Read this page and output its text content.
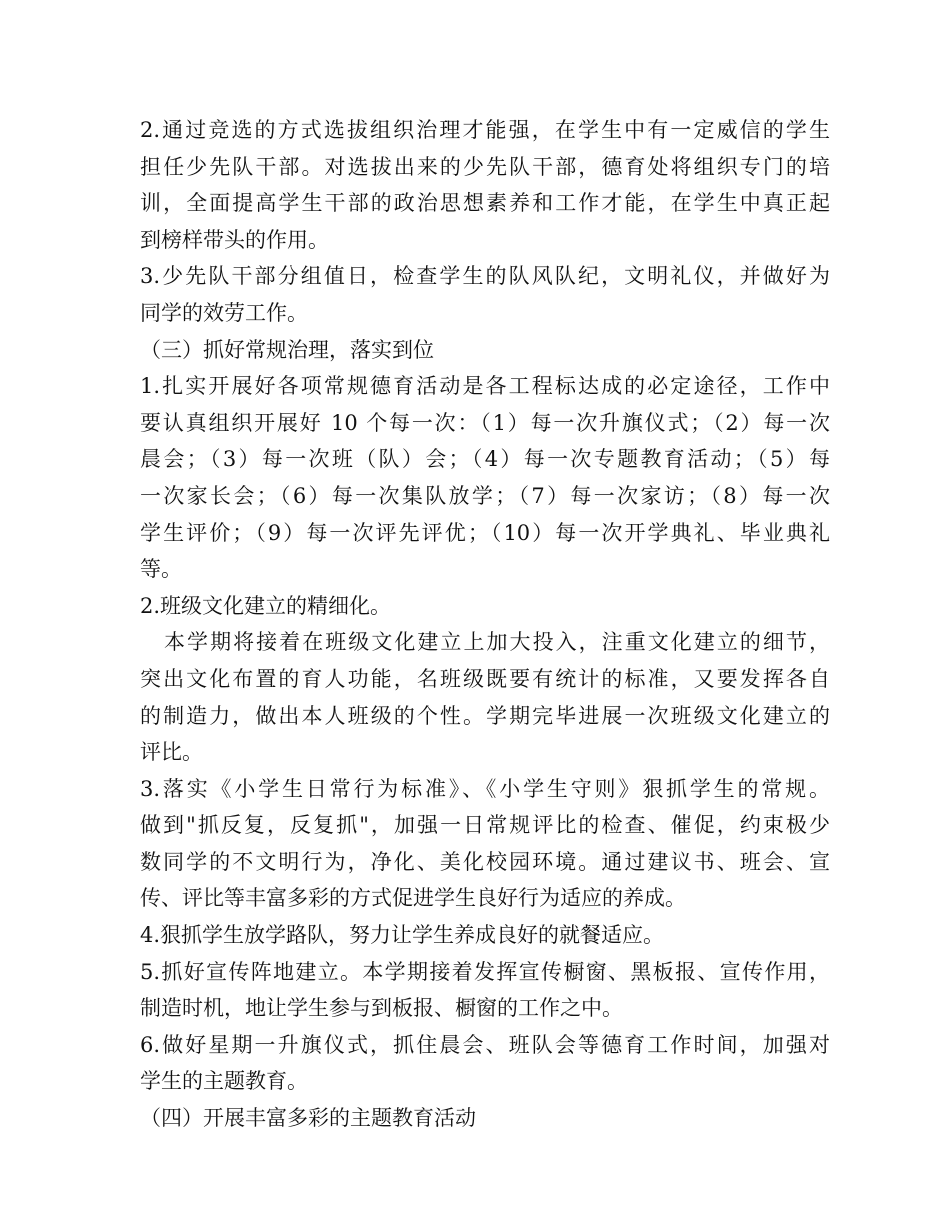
2.通过竞选的方式选拔组织治理才能强，在学生中有一定威信的学生
担任少先队干部。对选拔出来的少先队干部，德育处将组织专门的培
训，全面提高学生干部的政治思想素养和工作才能，在学生中真正起
到榜样带头的作用。
3.少先队干部分组值日，检查学生的队风队纪，文明礼仪，并做好为
同学的效劳工作。
（三）抓好常规治理，落实到位
1.扎实开展好各项常规德育活动是各工程标达成的必定途径，工作中
要认真组织开展好 10 个每一次：（1）每一次升旗仪式；（2）每一次
晨会；（3）每一次班（队）会；（4）每一次专题教育活动；（5）每
一次家长会；（6）每一次集队放学；（7）每一次家访；（8）每一次
学生评价；（9）每一次评先评优；（10）每一次开学典礼、毕业典礼
等。
2.班级文化建立的精细化。
本学期将接着在班级文化建立上加大投入，注重文化建立的细节，
突出文化布置的育人功能，名班级既要有统计的标准，又要发挥各自
的制造力，做出本人班级的个性。学期完毕进展一次班级文化建立的
评比。
3.落实《小学生日常行为标准》、《小学生守则》狠抓学生的常规。
做到"抓反复，反复抓"，加强一日常规评比的检查、催促，约束极少
数同学的不文明行为，净化、美化校园环境。通过建议书、班会、宣
传、评比等丰富多彩的方式促进学生良好行为适应的养成。
4.狠抓学生放学路队，努力让学生养成良好的就餐适应。
5.抓好宣传阵地建立。本学期接着发挥宣传橱窗、黑板报、宣传作用，
制造时机，地让学生参与到板报、橱窗的工作之中。
6.做好星期一升旗仪式，抓住晨会、班队会等德育工作时间，加强对
学生的主题教育。
（四）开展丰富多彩的主题教育活动
